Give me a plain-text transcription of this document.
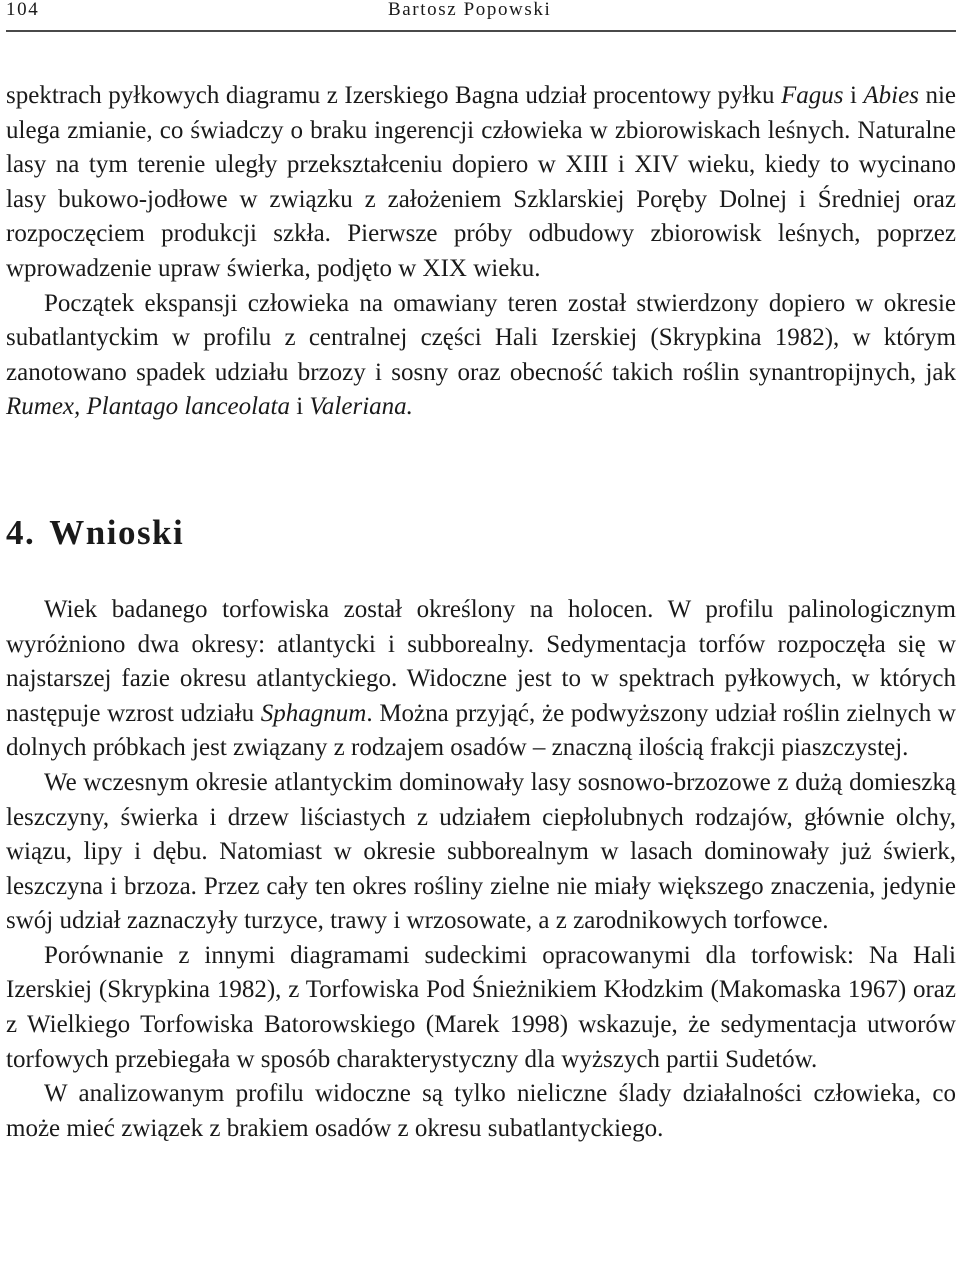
104	Bartosz Popowski

spektrach pyłkowych diagramu z Izerskiego Bagna udział procentowy pyłku Fagus i Abies nie ulega zmianie, co świadczy o braku ingerencji człowieka w zbiorowiskach leśnych. Naturalne lasy na tym terenie uległy przekształceniu dopiero w XIII i XIV wieku, kiedy to wycinano lasy bukowo-jodłowe w związku z założeniem Szklarskiej Poręby Dolnej i Średniej oraz rozpoczęciem produkcji szkła. Pierwsze próby odbudowy zbiorowisk leśnych, poprzez wprowadzenie upraw świerka, podjęto w XIX wieku.

Początek ekspansji człowieka na omawiany teren został stwierdzony dopiero w okresie subatlantyckim w profilu z centralnej części Hali Izerskiej (Skrypkina 1982), w którym zanotowano spadek udziału brzozy i sosny oraz obecność takich roślin synantropijnych, jak Rumex, Plantago lanceolata i Valeriana.

4. Wnioski

Wiek badanego torfowiska został określony na holocen. W profilu palinologicznym wyróżniono dwa okresy: atlantycki i subborealny. Sedymentacja torfów rozpoczęła się w najstarszej fazie okresu atlantyckiego. Widoczne jest to w spektrach pyłkowych, w których następuje wzrost udziału Sphagnum. Można przyjąć, że podwyższony udział roślin zielnych w dolnych próbkach jest związany z rodzajem osadów – znaczną ilością frakcji piaszczystej.

We wczesnym okresie atlantyckim dominowały lasy sosnowo-brzozowe z dużą domieszką leszczyny, świerka i drzew liściastych z udziałem ciepłolubnych rodzajów, głównie olchy, wiązu, lipy i dębu. Natomiast w okresie subborealnym w lasach dominowały już świerk, leszczyna i brzoza. Przez cały ten okres rośliny zielne nie miały większego znaczenia, jedynie swój udział zaznaczyły turzyce, trawy i wrzosowate, a z zarodnikowych torfowce.

Porównanie z innymi diagramami sudeckimi opracowanymi dla torfowisk: Na Hali Izerskiej (Skrypkina 1982), z Torfowiska Pod Śnieżnikiem Kłodzkim (Makomaska 1967) oraz z Wielkiego Torfowiska Batorowskiego (Marek 1998) wskazuje, że sedymentacja utworów torfowych przebiegała w sposób charakterystyczny dla wyższych partii Sudetów.

W analizowanym profilu widoczne są tylko nieliczne ślady działalności człowieka, co może mieć związek z brakiem osadów z okresu subatlantyckiego.
